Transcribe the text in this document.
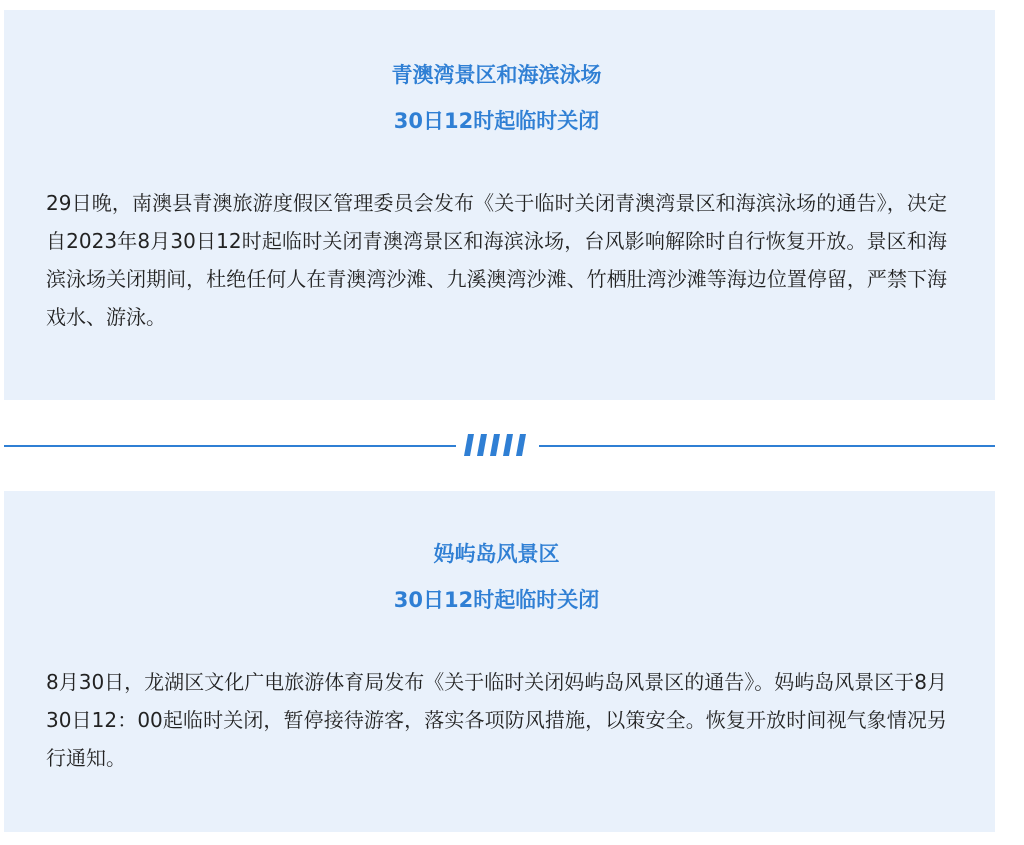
青澳湾景区和海滨泳场

30日12时起临时关闭

29日晚，南澳县青澳旅游度假区管理委员会发布《关于临时关闭青澳湾景区和海滨泳场的通告》，决定自2023年8月30日12时起临时关闭青澳湾景区和海滨泳场，台风影响解除时自行恢复开放。景区和海滨泳场关闭期间，杜绝任何人在青澳湾沙滩、九溪澳湾沙滩、竹栖肚湾沙滩等海边位置停留，严禁下海戏水、游泳。

妈屿岛风景区

30日12时起临时关闭

8月30日，龙湖区文化广电旅游体育局发布《关于临时关闭妈屿岛风景区的通告》。妈屿岛风景区于8月30日12：00起临时关闭，暂停接待游客，落实各项防风措施，以策安全。恢复开放时间视气象情况另行通知。
